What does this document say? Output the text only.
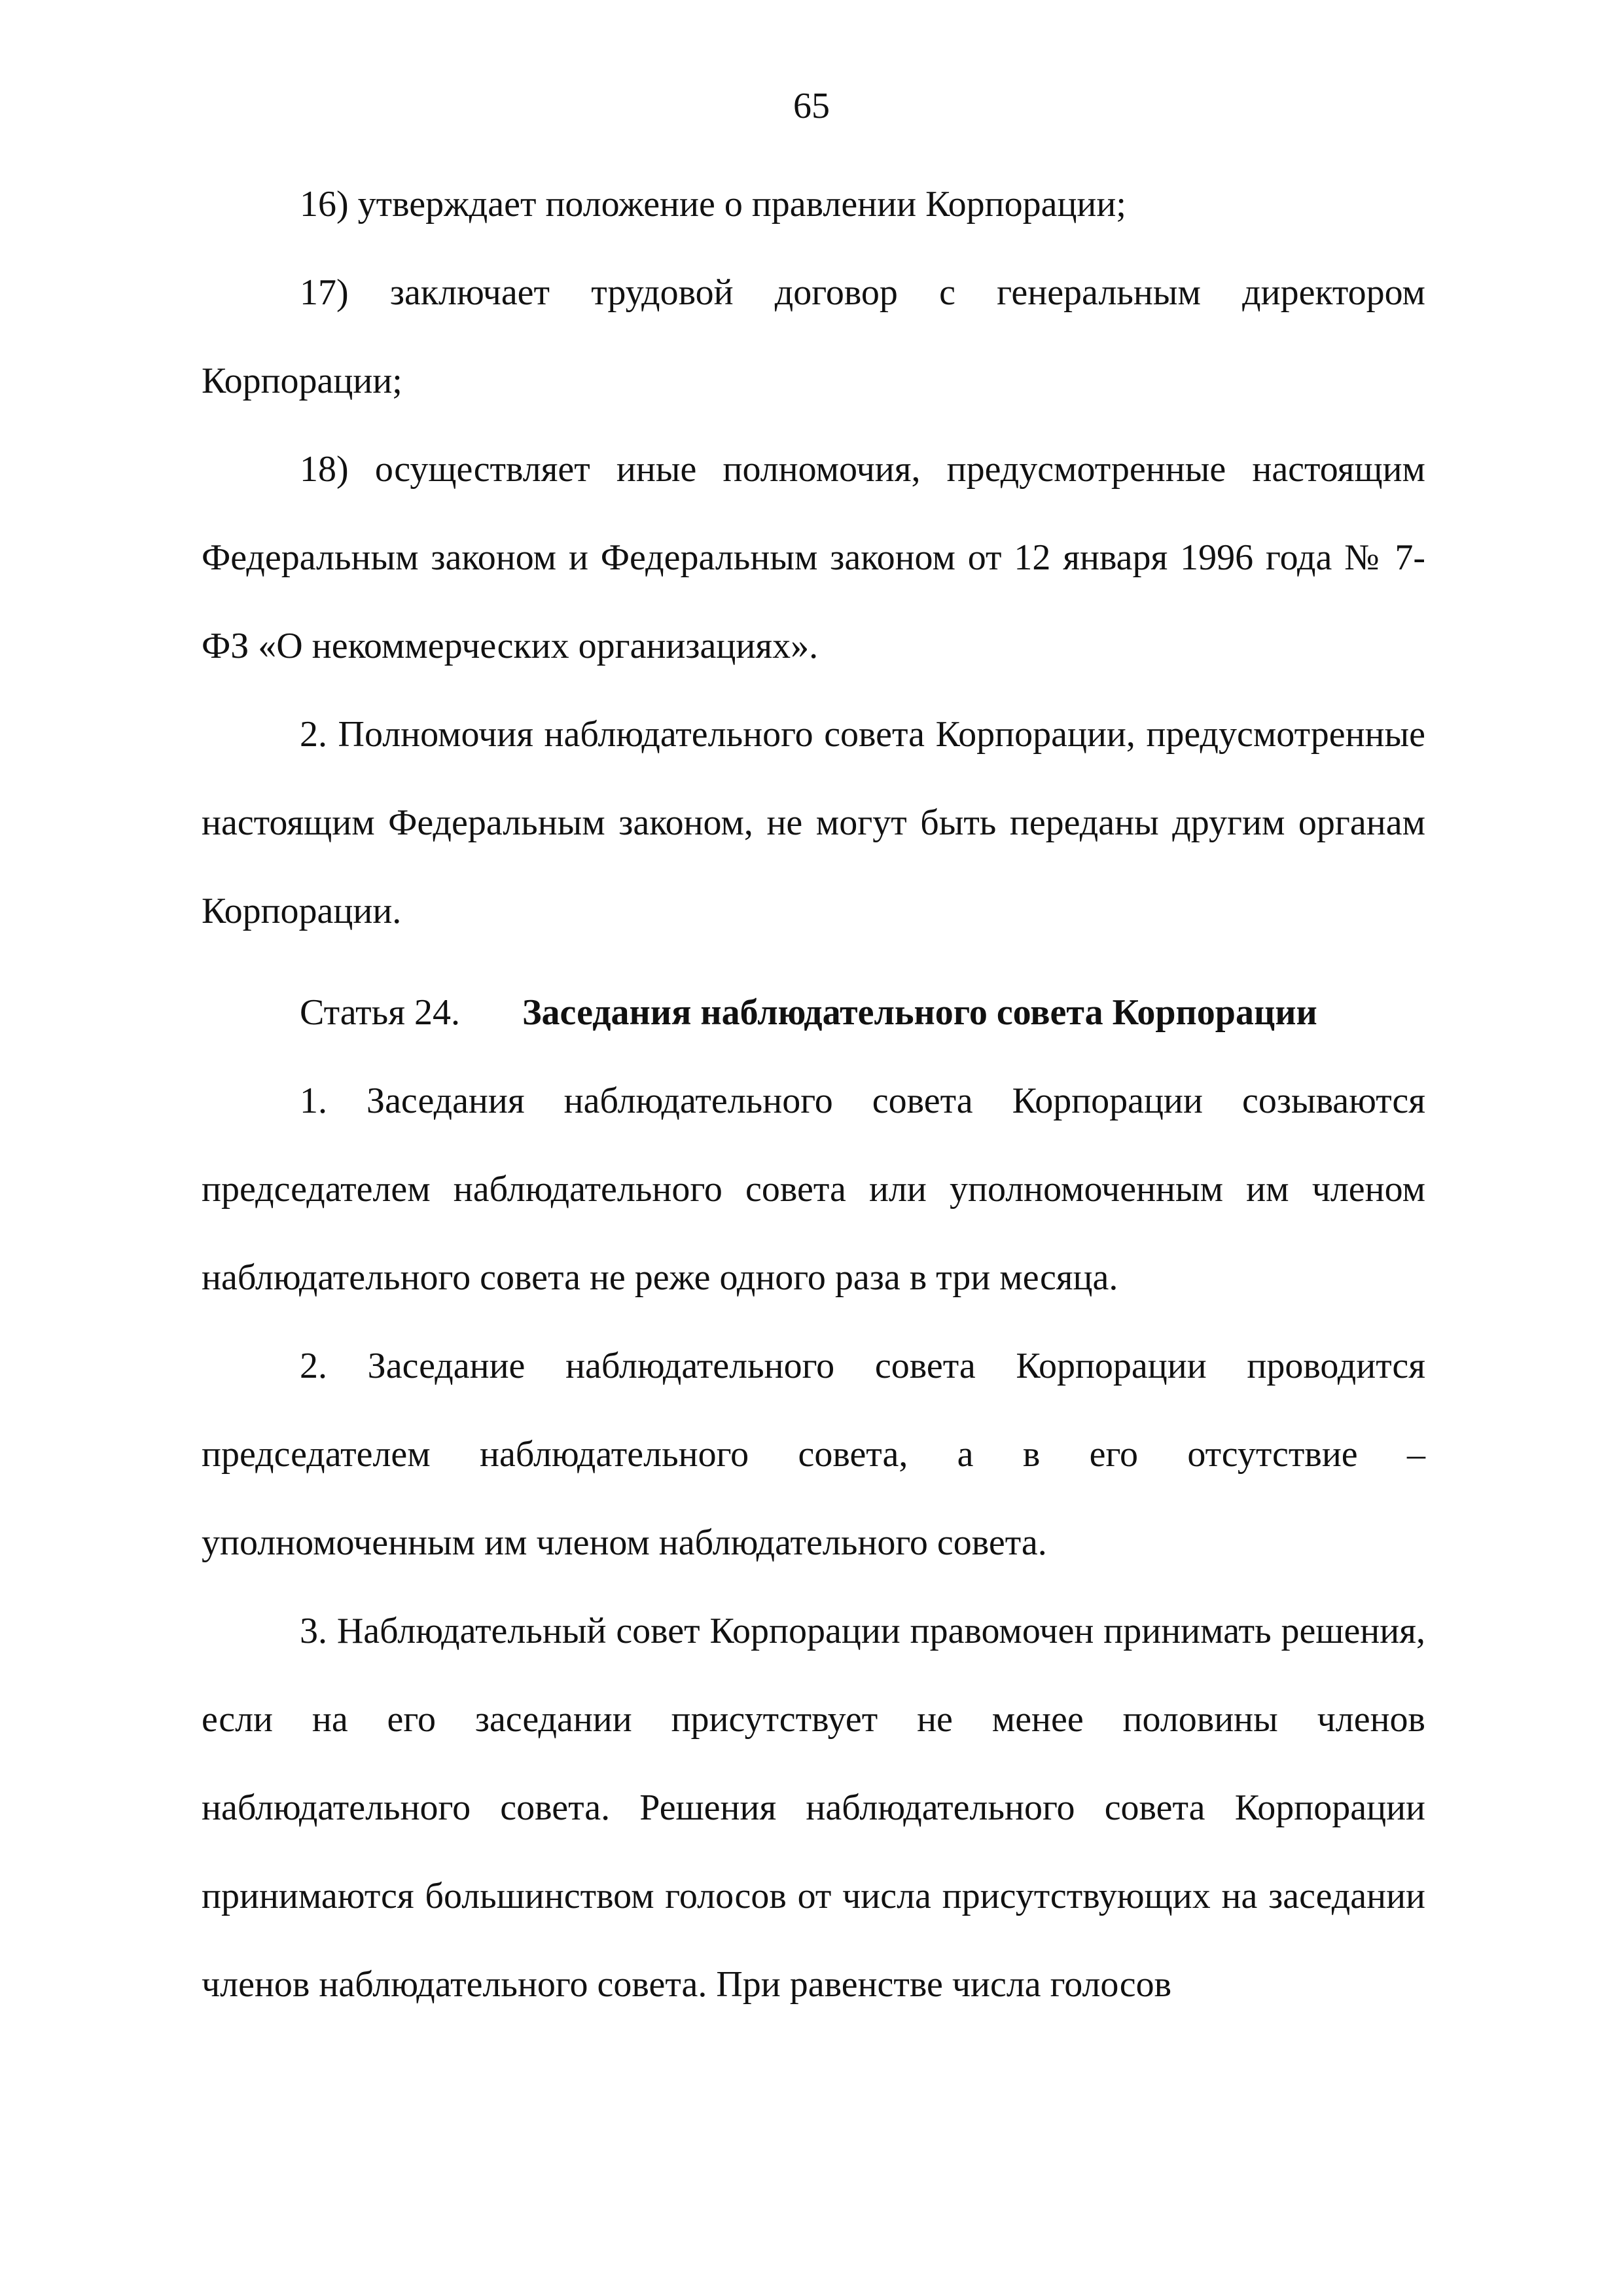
65

16) утверждает положение о правлении Корпорации;

17) заключает трудовой договор с генеральным директором Корпорации;

18) осуществляет иные полномочия, предусмотренные настоящим Федеральным законом и Федеральным законом от 12 января 1996 года № 7-ФЗ «О некоммерческих организациях».

2. Полномочия наблюдательного совета Корпорации, предусмотренные настоящим Федеральным законом, не могут быть переданы другим органам Корпорации.

Статья 24. Заседания наблюдательного совета Корпорации

1. Заседания наблюдательного совета Корпорации созываются председателем наблюдательного совета или уполномоченным им членом наблюдательного совета не реже одного раза в три месяца.

2. Заседание наблюдательного совета Корпорации проводится председателем наблюдательного совета, а в его отсутствие – уполномоченным им членом наблюдательного совета.

3. Наблюдательный совет Корпорации правомочен принимать решения, если на его заседании присутствует не менее половины членов наблюдательного совета. Решения наблюдательного совета Корпорации принимаются большинством голосов от числа присутствующих на заседании членов наблюдательного совета. При равенстве числа голосов
